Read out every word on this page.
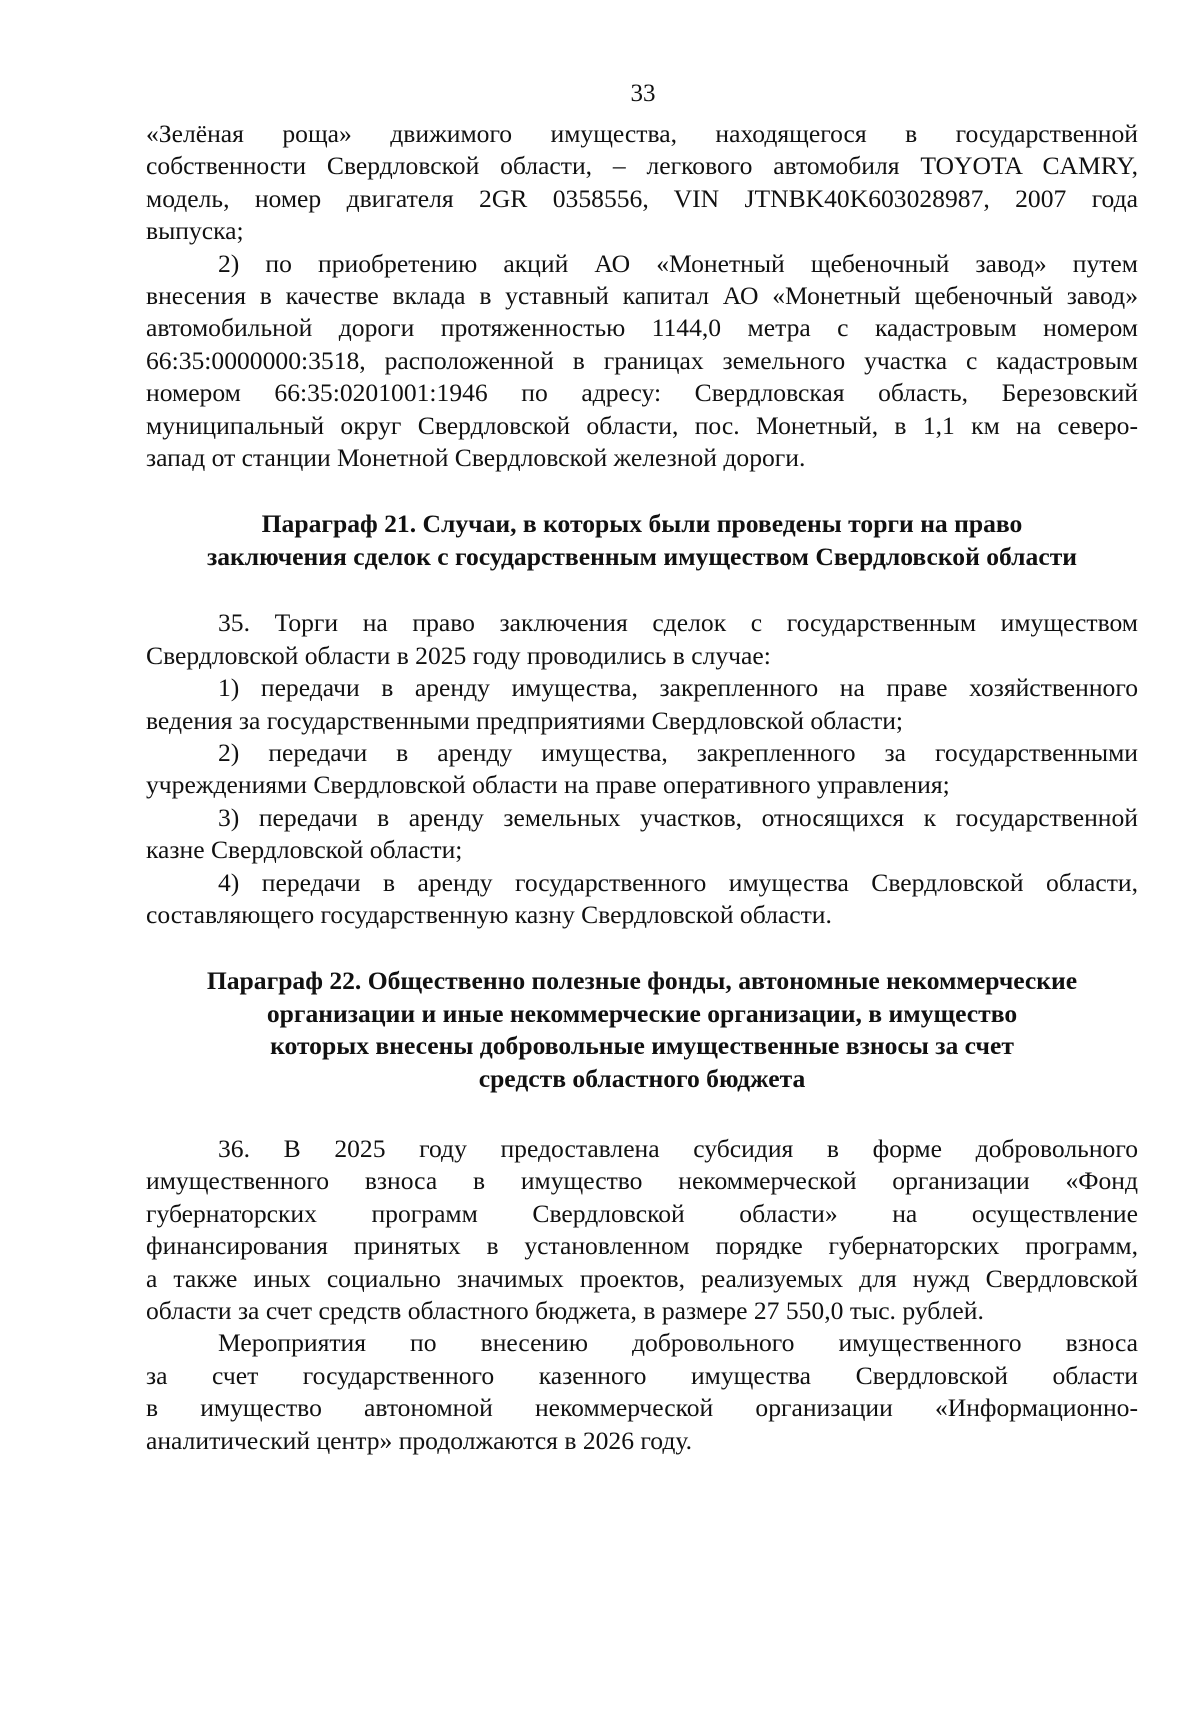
33
«Зелёная роща» движимого имущества, находящегося в государственной
собственности Свердловской области, – легкового автомобиля TOYOTA CAMRY,
модель, номер двигателя 2GR 0358556, VIN JTNBK40K603028987, 2007 года
выпуска;
2) по приобретению акций АО «Монетный щебеночный завод» путем
внесения в качестве вклада в уставный капитал АО «Монетный щебеночный завод»
автомобильной дороги протяженностью 1144,0 метра с кадастровым номером
66:35:0000000:3518, расположенной в границах земельного участка с кадастровым
номером 66:35:0201001:1946 по адресу: Свердловская область, Березовский
муниципальный округ Свердловской области, пос. Монетный, в 1,1 км на северо-
запад от станции Монетной Свердловской железной дороги.
Параграф 21. Случаи, в которых были проведены торги на право
заключения сделок с государственным имуществом Свердловской области
35. Торги на право заключения сделок с государственным имуществом
Свердловской области в 2025 году проводились в случае:
1) передачи в аренду имущества, закрепленного на праве хозяйственного
ведения за государственными предприятиями Свердловской области;
2) передачи в аренду имущества, закрепленного за государственными
учреждениями Свердловской области на праве оперативного управления;
3) передачи в аренду земельных участков, относящихся к государственной
казне Свердловской области;
4) передачи в аренду государственного имущества Свердловской области,
составляющего государственную казну Свердловской области.
Параграф 22. Общественно полезные фонды, автономные некоммерческие
организации и иные некоммерческие организации, в имущество
которых внесены добровольные имущественные взносы за счет
средств областного бюджета
36. В 2025 году предоставлена субсидия в форме добровольного
имущественного взноса в имущество некоммерческой организации «Фонд
губернаторских программ Свердловской области» на осуществление
финансирования принятых в установленном порядке губернаторских программ,
а также иных социально значимых проектов, реализуемых для нужд Свердловской
области за счет средств областного бюджета, в размере 27 550,0 тыс. рублей.
Мероприятия по внесению добровольного имущественного взноса
за счет государственного казенного имущества Свердловской области
в имущество автономной некоммерческой организации «Информационно-
аналитический центр» продолжаются в 2026 году.
